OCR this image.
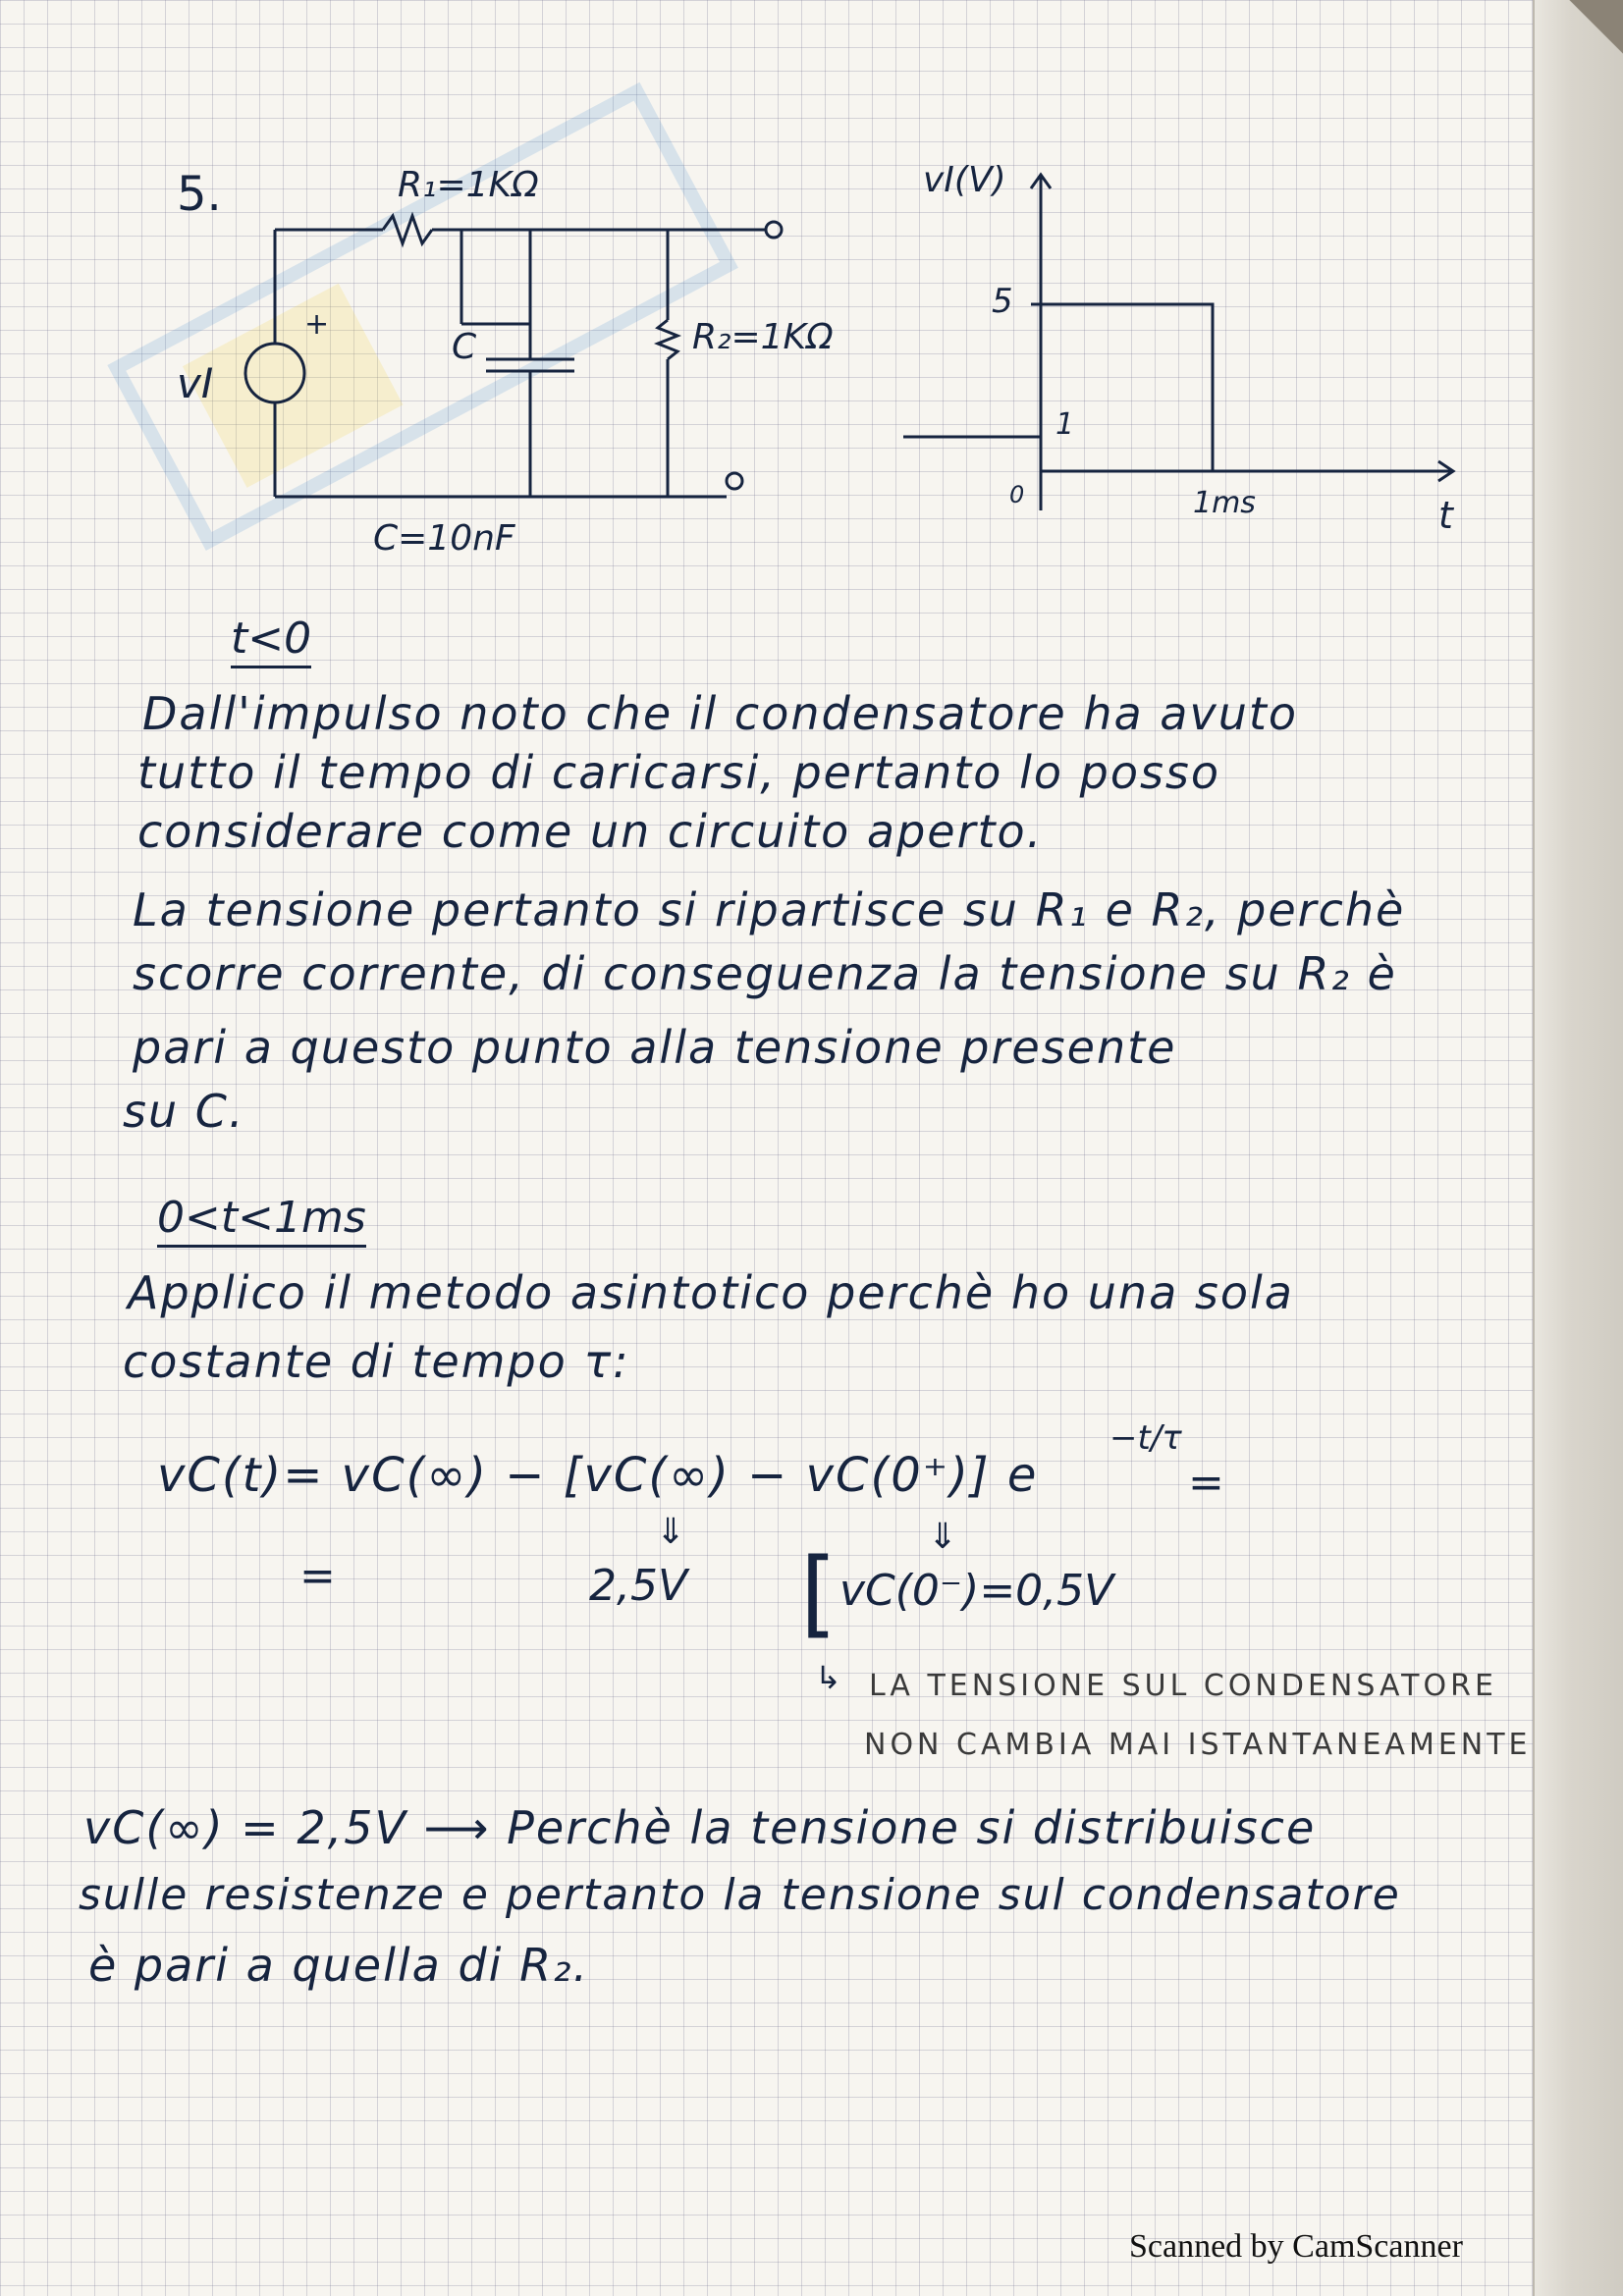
5.	R₁=1KΩ
R₂=1KΩ
C
+
vI
C=10nF
vI(V)
5
1
0	1ms	t
t<0
Dall'impulso noto che il condensatore ha avuto
tutto il tempo di caricarsi, pertanto lo posso
considerare come un circuito aperto.
La tensione pertanto si ripartisce su R₁ e R₂, perchè
scorre corrente, di conseguenza la tensione su R₂ è
pari a questo punto alla tensione presente
su C.
0<t<1ms
Applico il metodo asintotico perchè ho una sola
costante di tempo τ:
vC(t)= vC(∞) − [vC(∞) − vC(0⁺)] e
−t/τ
=
=
⇓
2,5V
⇓
[ vC(0⁻)=0,5V
↳ LA TENSIONE SUL CONDENSATORE
NON CAMBIA MAI ISTANTANEAMENTE
vC(∞) = 2,5V ⟶ Perchè la tensione si distribuisce
sulle resistenze e pertanto la tensione sul condensatore
è pari a quella di R₂.
Scanned by CamScanner
